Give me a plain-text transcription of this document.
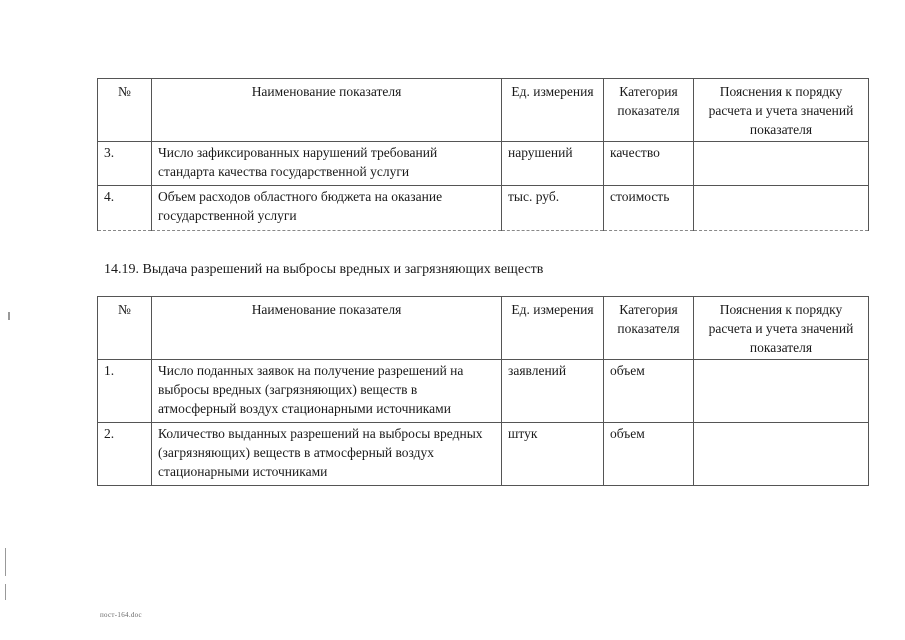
№	Наименование показателя	Ед. измерения	Категория показателя	Пояснения к порядку расчета и учета значений показателя
3.	Число зафиксированных нарушений требований стандарта качества государственной услуги	нарушений	качество	
4.	Объем расходов областного бюджета на оказание государственной услуги	тыс. руб.	стоимость	
14.19. Выдача разрешений на выбросы вредных и загрязняющих веществ
№	Наименование показателя	Ед. измерения	Категория показателя	Пояснения к порядку расчета и учета значений показателя
1.	Число поданных заявок на получение разрешений на выбросы вредных (загрязняющих) веществ в атмосферный воздух стационарными источниками	заявлений	объем	
2.	Количество выданных разрешений на выбросы вредных (загрязняющих) веществ в атмосферный воздух стационарными источниками	штук	объем	
пост-164.doc
